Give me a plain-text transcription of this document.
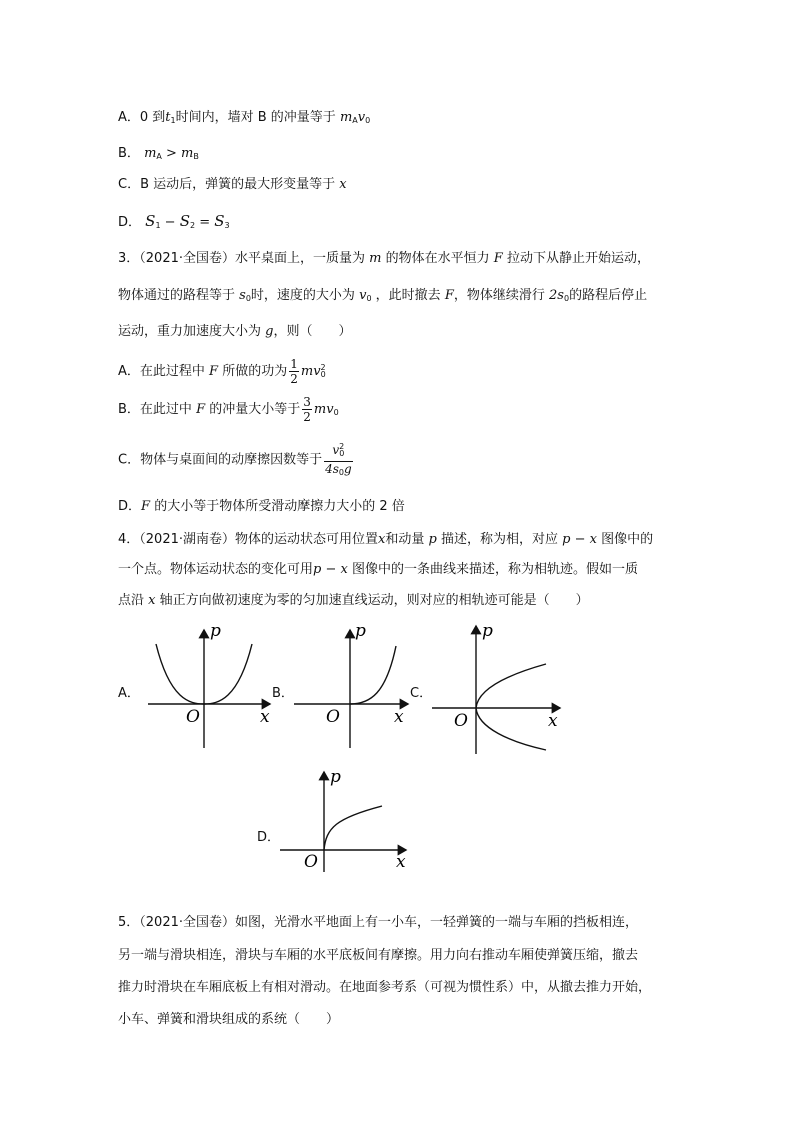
A．0 到$t_1$时间内，墙对 B 的冲量等于 $m_Av_0$
B． $m_A > m_B$
C．B 运动后，弹簧的最大形变量等于 x
D． $S_1 - S_2 = S_3$
3．（2021·全国卷）水平桌面上，一质量为 m 的物体在水平恒力 F 拉动下从静止开始运动，
物体通过的路程等于 $s_0$时，速度的大小为 $v_0$ ，此时撤去 F，物体继续滑行 $2s_0$的路程后停止
运动，重力加速度大小为 g，则（　　）
A．在此过程中 F 所做的功为 $\frac{1}{2} mv^2_0$
B．在此过中 F 的冲量大小等于 $\frac{3}{2} mv_0$
C．物体与桌面间的动摩擦因数等于 $\frac{v^2_0}{4s_0g}$
D．F 的大小等于物体所受滑动摩擦力大小的 2 倍
4．（2021·湖南卷）物体的运动状态可用位置x和动量 p 描述，称为相，对应 p − x 图像中的
一个点。物体运动状态的变化可用p − x 图像中的一条曲线来描述，称为相轨迹。假如一质
点沿 x 轴正方向做初速度为零的匀加速直线运动，则对应的相轨迹可能是（　　）
A．	B．	C．
D．
p
x
O
p
x
O
p
x
O
p
x
O
5．（2021·全国卷）如图，光滑水平地面上有一小车，一轻弹簧的一端与车厢的挡板相连，
另一端与滑块相连，滑块与车厢的水平底板间有摩擦。用力向右推动车厢使弹簧压缩，撤去
推力时滑块在车厢底板上有相对滑动。在地面参考系（可视为惯性系）中，从撤去推力开始，
小车、弹簧和滑块组成的系统（　　）
